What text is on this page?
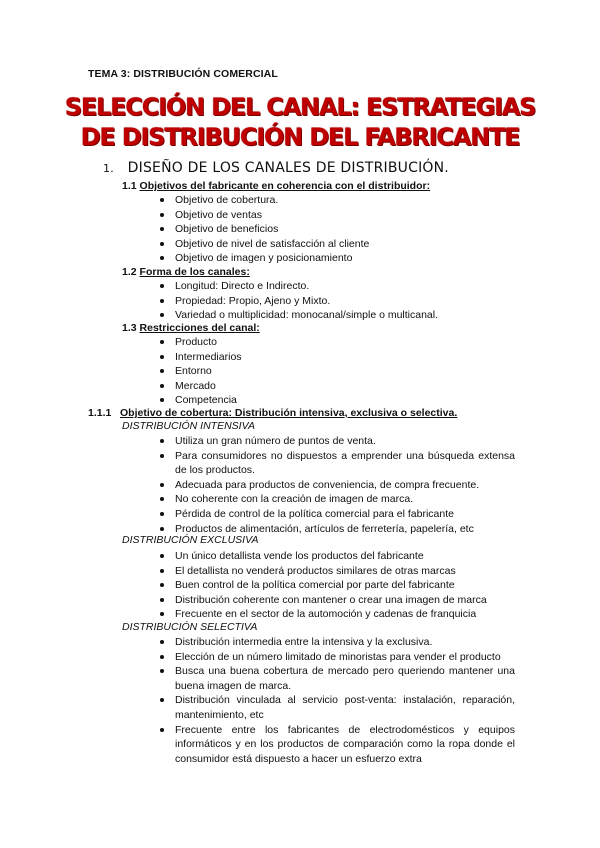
TEMA 3: DISTRIBUCIÓN COMERCIAL
SELECCIÓN DEL CANAL: ESTRATEGIAS
DE DISTRIBUCIÓN DEL FABRICANTE
1. DISEÑO DE LOS CANALES DE DISTRIBUCIÓN.
1.1 Objetivos del fabricante en coherencia con el distribuidor:
Objetivo de cobertura.
Objetivo de ventas
Objetivo de beneficios
Objetivo de nivel de satisfacción al cliente
Objetivo de imagen y posicionamiento
1.2 Forma de los canales:
Longitud: Directo e Indirecto.
Propiedad: Propio, Ajeno y Mixto.
Variedad o multiplicidad: monocanal/simple o multicanal.
1.3 Restricciones del canal:
Producto
Intermediarios
Entorno
Mercado
Competencia
1.1.1 Objetivo de cobertura: Distribución intensiva, exclusiva o selectiva.
DISTRIBUCIÓN INTENSIVA
Utiliza un gran número de puntos de venta.
Para consumidores no dispuestos a emprender una búsqueda extensa de los productos.
Adecuada para productos de conveniencia, de compra frecuente.
No coherente con la creación de imagen de marca.
Pérdida de control de la política comercial para el fabricante
Productos de alimentación, artículos de ferretería, papelería, etc
DISTRIBUCIÓN EXCLUSIVA
Un único detallista vende los productos del fabricante
El detallista no venderá productos similares de otras marcas
Buen control de la política comercial por parte del fabricante
Distribución coherente con mantener o crear una imagen de marca
Frecuente en el sector de la automoción y cadenas de franquicia
DISTRIBUCIÓN SELECTIVA
Distribución intermedia entre la intensiva y la exclusiva.
Elección de un número limitado de minoristas para vender el producto
Busca una buena cobertura de mercado pero queriendo mantener una buena imagen de marca.
Distribución vinculada al servicio post-venta: instalación, reparación, mantenimiento, etc
Frecuente entre los fabricantes de electrodomésticos y equipos informáticos y en los productos de comparación como la ropa donde el consumidor está dispuesto a hacer un esfuerzo extra
